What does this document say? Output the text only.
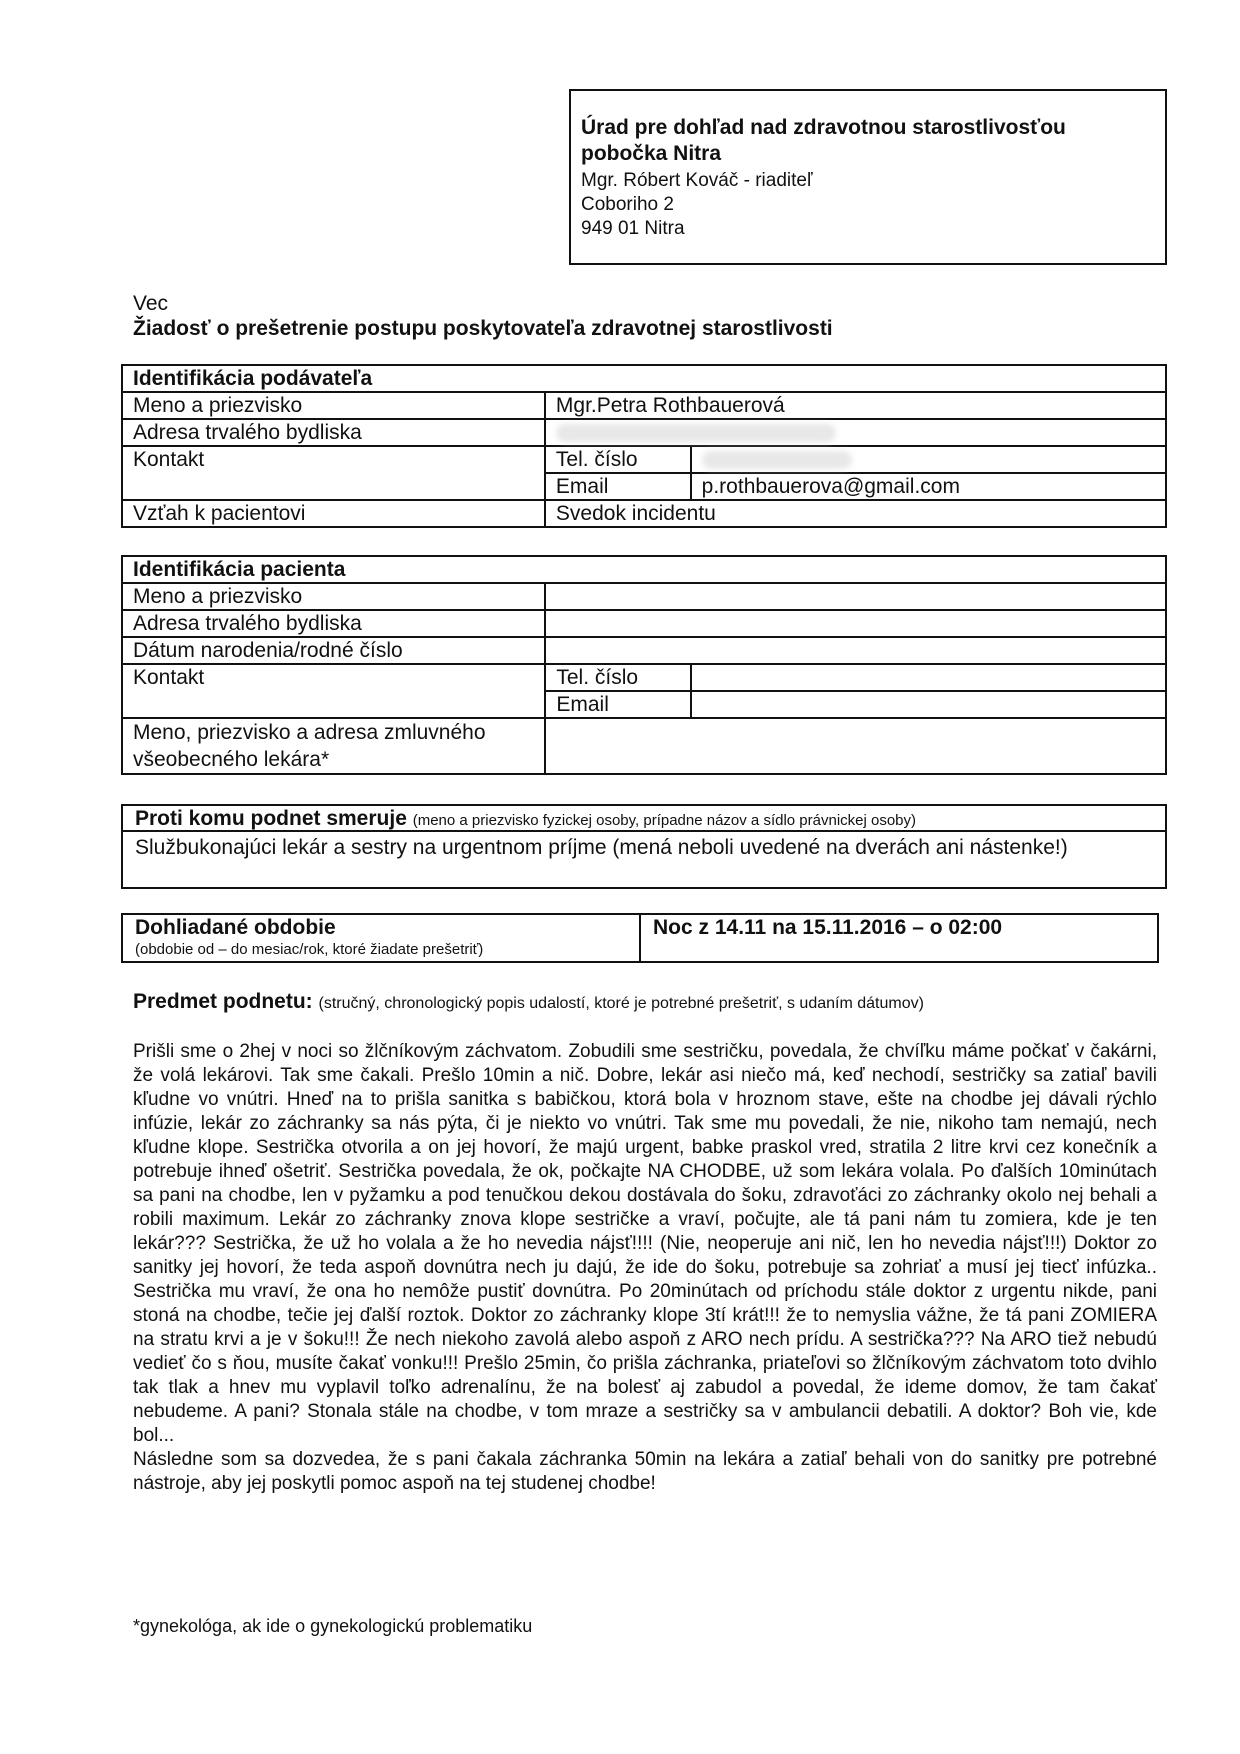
Úrad pre dohľad nad zdravotnou starostlivosťou
pobočka Nitra
Mgr. Róbert Kováč - riaditeľ
Coboriho 2
949 01 Nitra
Vec
Žiadosť o prešetrenie postupu poskytovateľa zdravotnej starostlivosti
Identifikácia podávateľa		
Meno a priezvisko	Mgr.Petra Rothbauerová	
Adresa trvalého bydliska		
Kontakt	Tel. číslo	
	Email	p.rothbauerova@gmail.com
Vzťah k pacientovi	Svedok incidentu	
Identifikácia pacienta		
Meno a priezvisko		
Adresa trvalého bydliska		
Dátum narodenia/rodné číslo		
Kontakt	Tel. číslo	
	Email	
Meno, priezvisko a adresa zmluvného
všeobecného lekára*		
Proti komu podnet smeruje (meno a priezvisko fyzickej osoby, prípadne názov a sídlo právnickej osoby)
Službukonajúci lekár a sestry na urgentnom príjme (mená neboli uvedené na dverách ani nástenke!)
Dohliadané obdobie
(obdobie od – do mesiac/rok, ktoré žiadate prešetriť)
Noc z 14.11 na 15.11.2016 – o 02:00
Predmet podnetu: (stručný, chronologický popis udalostí, ktoré je potrebné prešetriť, s udaním dátumov)

Prišli sme o 2hej v noci so žlčníkovým záchvatom. Zobudili sme sestričku, povedala, že chvíľku máme počkať v čakárni, že volá lekárovi. Tak sme čakali. Prešlo 10min a nič. Dobre, lekár asi niečo má, keď nechodí, sestričky sa zatiaľ bavili kľudne vo vnútri. Hneď na to prišla sanitka s babičkou, ktorá bola v hroznom stave, ešte na chodbe jej dávali rýchlo infúzie, lekár zo záchranky sa nás pýta, či je niekto vo vnútri. Tak sme mu povedali, že nie, nikoho tam nemajú, nech kľudne klope. Sestrička otvorila a on jej hovorí, že majú urgent, babke praskol vred, stratila 2 litre krvi cez konečník a potrebuje ihneď ošetriť. Sestrička povedala, že ok, počkajte NA CHODBE, už som lekára volala. Po ďalších 10minútach sa pani na chodbe, len v pyžamku a pod tenučkou dekou dostávala do šoku, zdravoťáci zo záchranky okolo nej behali a robili maximum. Lekár zo záchranky znova klope sestričke a vraví, počujte, ale tá pani nám tu zomiera, kde je ten lekár??? Sestrička, že už ho volala a že ho nevedia nájsť!!!! (Nie, neoperuje ani nič, len ho nevedia nájsť!!!) Doktor zo sanitky jej hovorí, že teda aspoň dovnútra nech ju dajú, že ide do šoku, potrebuje sa zohriať a musí jej tiecť infúzka.. Sestrička mu vraví, že ona ho nemôže pustiť dovnútra. Po 20minútach od príchodu stále doktor z urgentu nikde, pani stoná na chodbe, tečie jej ďalší roztok. Doktor zo záchranky klope 3tí krát!!! že to nemyslia vážne, že tá pani ZOMIERA na stratu krvi a je v šoku!!! Že nech niekoho zavolá alebo aspoň z ARO nech prídu. A sestrička??? Na ARO tiež nebudú vedieť čo s ňou, musíte čakať vonku!!! Prešlo 25min, čo prišla záchranka, priateľovi so žlčníkovým záchvatom toto dvihlo tak tlak a hnev mu vyplavil toľko adrenalínu, že na bolesť aj zabudol a povedal, že ideme domov, že tam čakať nebudeme. A pani? Stonala stále na chodbe, v tom mraze a sestričky sa v ambulancii debatili. A doktor? Boh vie, kde bol...

Následne som sa dozvedea, že s pani čakala záchranka 50min na lekára a zatiaľ behali von do sanitky pre potrebné nástroje, aby jej poskytli pomoc aspoň na tej studenej chodbe!

*gynekológa, ak ide o gynekologickú problematiku
